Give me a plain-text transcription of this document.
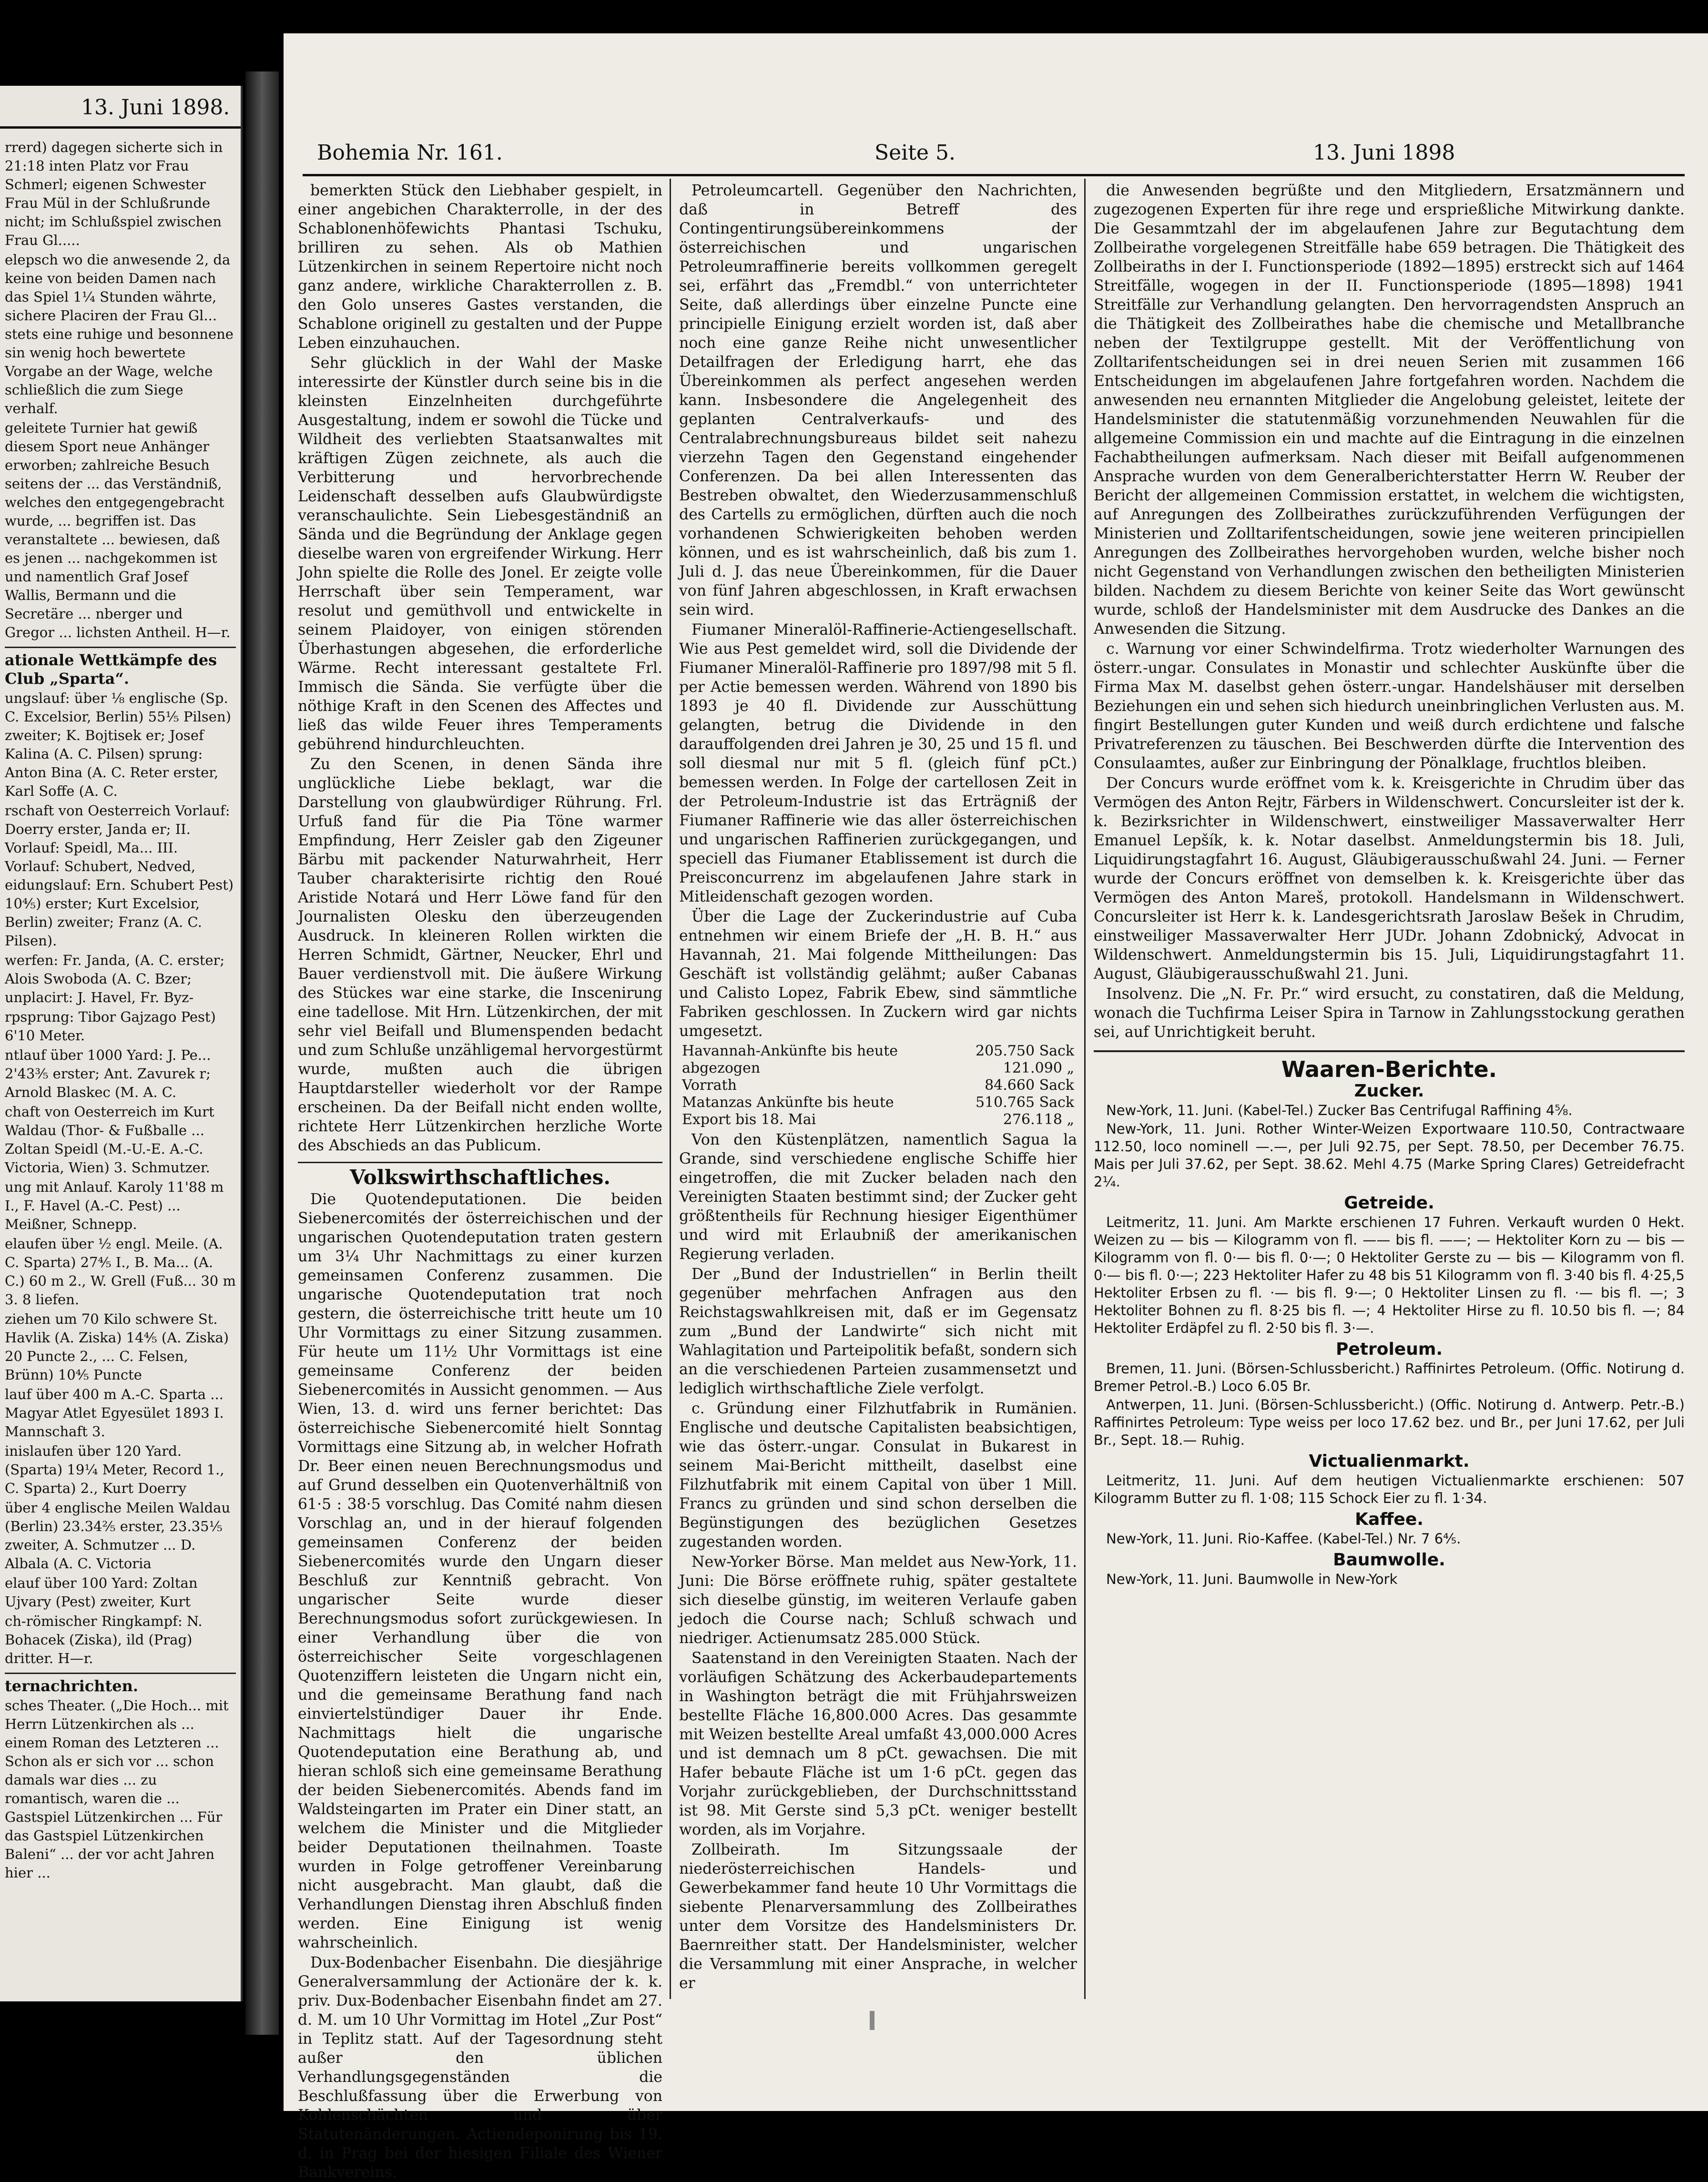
13. Juni 1898.

rrerd) dagegen sicherte sich in 21:18 inten Platz vor Frau Schmerl; eigenen Schwester Frau Mül in der Schlußrunde nicht; im Schlußspiel zwischen Frau Gl.....

elepsch wo die anwesende 2, da keine von beiden Damen nach das Spiel 1¼ Stunden währte, sichere Placiren der Frau Gl... stets eine ruhige und besonnene sin wenig hoch bewertete Vorgabe an der Wage, welche schließlich die zum Siege verhalf.

geleitete Turnier hat gewiß diesem Sport neue Anhänger erworben; zahlreiche Besuch seitens der ... das Verständniß, welches den entgegengebracht wurde, ... begriffen ist. Das veranstaltete ... bewiesen, daß es jenen ... nachgekommen ist und namentlich Graf Josef Wallis, Bermann und die Secretäre ... nberger und Gregor ... lichsten Antheil. H—r.

ationale Wettkämpfe des Club „Sparta“.

ungslauf: über ⅛ englische (Sp. C. Excelsior, Berlin) 55⅕ Pilsen) zweiter; K. Bojtisek er; Josef Kalina (A. C. Pilsen) sprung: Anton Bina (A. C. Reter erster, Karl Soffe (A. C.

rschaft von Oesterreich Vorlauf: Doerry erster, Janda er; II. Vorlauf: Speidl, Ma... III. Vorlauf: Schubert, Nedved, eidungslauf: Ern. Schubert Pest) 10⅘) erster; Kurt Excelsior, Berlin) zweiter; Franz (A. C. Pilsen).

werfen: Fr. Janda, (A. C. erster; Alois Swoboda (A. C. Bzer; unplacirt: J. Havel, Fr. Byz-

rpsprung: Tibor Gajzago Pest) 6'10 Meter.

ntlauf über 1000 Yard: J. Pe... 2'43⅗ erster; Ant. Zavurek r; Arnold Blaskec (M. A. C.

chaft von Oesterreich im Kurt Waldau (Thor- & Fußballe ... Zoltan Speidl (M.-U.-E. A.-C. Victoria, Wien) 3. Schmutzer.

ung mit Anlauf. Karoly 11'88 m I., F. Havel (A.-C. Pest) ... Meißner, Schnepp.

elaufen über ½ engl. Meile. (A. C. Sparta) 27⅘ I., B. Ma... (A. C.) 60 m 2., W. Grell (Fuß... 30 m 3. 8 liefen.

ziehen um 70 Kilo schwere St. Havlik (A. Ziska) 14⅘ (A. Ziska) 20 Puncte 2., ... C. Felsen, Brünn) 10⅘ Puncte

lauf über 400 m A.-C. Sparta ... Magyar Atlet Egyesület 1893 I. Mannschaft 3.

inislaufen über 120 Yard. (Sparta) 19¼ Meter, Record 1., C. Sparta) 2., Kurt Doerry

über 4 englische Meilen Waldau (Berlin) 23.34⅖ erster, 23.35⅕ zweiter, A. Schmutzer ... D. Albala (A. C. Victoria

elauf über 100 Yard: Zoltan Ujvary (Pest) zweiter, Kurt

ch-römischer Ringkampf: N. Bohacek (Ziska), ild (Prag) dritter. H—r.

ternachrichten.

sches Theater. („Die Hoch... mit Herrn Lützenkirchen als ... einem Roman des Letzteren ... Schon als er sich vor ... schon damals war dies ... zu romantisch, waren die ... Gastspiel Lützenkirchen ... Für das Gastspiel Lützenkirchen Baleni“ ... der vor acht Jahren hier ...

Bohemia Nr. 161.	Seite 5.	13. Juni 1898

bemerkten Stück den Liebhaber gespielt, in einer angebichen Charakterrolle, in der des Schablonenhöfewichts Phantasi Tschuku, brilliren zu sehen. Als ob Mathien Lützenkirchen in seinem Repertoire nicht noch ganz andere, wirkliche Charakterrollen z. B. den Golo unseres Gastes verstanden, die Schablone originell zu gestalten und der Puppe Leben einzuhauchen.

Sehr glücklich in der Wahl der Maske interessirte der Künstler durch seine bis in die kleinsten Einzelnheiten durchgeführte Ausgestaltung, indem er sowohl die Tücke und Wildheit des verliebten Staatsanwaltes mit kräftigen Zügen zeichnete, als auch die Verbitterung und hervorbrechende Leidenschaft desselben aufs Glaubwürdigste veranschaulichte. Sein Liebesgeständniß an Sända und die Begründung der Anklage gegen dieselbe waren von ergreifender Wirkung. Herr John spielte die Rolle des Jonel. Er zeigte volle Herrschaft über sein Temperament, war resolut und gemüthvoll und entwickelte in seinem Plaidoyer, von einigen störenden Überhastungen abgesehen, die erforderliche Wärme. Recht interessant gestaltete Frl. Immisch die Sända. Sie verfügte über die nöthige Kraft in den Scenen des Affectes und ließ das wilde Feuer ihres Temperaments gebührend hindurchleuchten.

Zu den Scenen, in denen Sända ihre unglückliche Liebe beklagt, war die Darstellung von glaubwürdiger Rührung. Frl. Urfuß fand für die Pia Töne warmer Empfindung, Herr Zeisler gab den Zigeuner Bärbu mit packender Naturwahrheit, Herr Tauber charakterisirte richtig den Roué Aristide Notará und Herr Löwe fand für den Journalisten Olesku den überzeugenden Ausdruck. In kleineren Rollen wirkten die Herren Schmidt, Gärtner, Neucker, Ehrl und Bauer verdienstvoll mit. Die äußere Wirkung des Stückes war eine starke, die Inscenirung eine tadellose. Mit Hrn. Lützenkirchen, der mit sehr viel Beifall und Blumenspenden bedacht und zum Schluße unzähligemal hervorgestürmt wurde, mußten auch die übrigen Hauptdarsteller wiederholt vor der Rampe erscheinen. Da der Beifall nicht enden wollte, richtete Herr Lützenkirchen herzliche Worte des Abschieds an das Publicum.

Volkswirthschaftliches.

Die Quotendeputationen. Die beiden Siebenercomités der österreichischen und der ungarischen Quotendeputation traten gestern um 3¼ Uhr Nachmittags zu einer kurzen gemeinsamen Conferenz zusammen. Die ungarische Quotendeputation trat noch gestern, die österreichische tritt heute um 10 Uhr Vormittags zu einer Sitzung zusammen. Für heute um 11½ Uhr Vormittags ist eine gemeinsame Conferenz der beiden Siebenercomités in Aussicht genommen. — Aus Wien, 13. d. wird uns ferner berichtet: Das österreichische Siebenercomité hielt Sonntag Vormittags eine Sitzung ab, in welcher Hofrath Dr. Beer einen neuen Berechnungsmodus und auf Grund desselben ein Quotenverhältniß von 61·5 : 38·5 vorschlug. Das Comité nahm diesen Vorschlag an, und in der hierauf folgenden gemeinsamen Conferenz der beiden Siebenercomités wurde den Ungarn dieser Beschluß zur Kenntniß gebracht. Von ungarischer Seite wurde dieser Berechnungsmodus sofort zurückgewiesen. In einer Verhandlung über die von österreichischer Seite vorgeschlagenen Quotenziffern leisteten die Ungarn nicht ein, und die gemeinsame Berathung fand nach einviertelstündiger Dauer ihr Ende. Nachmittags hielt die ungarische Quotendeputation eine Berathung ab, und hieran schloß sich eine gemeinsame Berathung der beiden Siebenercomités. Abends fand im Waldsteingarten im Prater ein Diner statt, an welchem die Minister und die Mitglieder beider Deputationen theilnahmen. Toaste wurden in Folge getroffener Vereinbarung nicht ausgebracht. Man glaubt, daß die Verhandlungen Dienstag ihren Abschluß finden werden. Eine Einigung ist wenig wahrscheinlich.

Dux-Bodenbacher Eisenbahn. Die diesjährige Generalversammlung der Actionäre der k. k. priv. Dux-Bodenbacher Eisenbahn findet am 27. d. M. um 10 Uhr Vormittag im Hotel „Zur Post“ in Teplitz statt. Auf der Tagesordnung steht außer den üblichen Verhandlungsgegenständen die Beschlußfassung über die Erwerbung von Kohlenschächten und über Statutenänderungen. Actiendeponirung bis 19. d. in Prag bei der hiesigen Filiale des Wiener Bankvereins.

Petroleumcartell. Gegenüber den Nachrichten, daß in Betreff des Contingentirungsübereinkommens der österreichischen und ungarischen Petroleumraffinerie bereits vollkommen geregelt sei, erfährt das „Fremdbl.“ von unterrichteter Seite, daß allerdings über einzelne Puncte eine principielle Einigung erzielt worden ist, daß aber noch eine ganze Reihe nicht unwesentlicher Detailfragen der Erledigung harrt, ehe das Übereinkommen als perfect angesehen werden kann. Insbesondere die Angelegenheit des geplanten Centralverkaufs- und des Centralabrechnungsbureaus bildet seit nahezu vierzehn Tagen den Gegenstand eingehender Conferenzen. Da bei allen Interessenten das Bestreben obwaltet, den Wiederzusammenschluß des Cartells zu ermöglichen, dürften auch die noch vorhandenen Schwierigkeiten behoben werden können, und es ist wahrscheinlich, daß bis zum 1. Juli d. J. das neue Übereinkommen, für die Dauer von fünf Jahren abgeschlossen, in Kraft erwachsen sein wird.

Fiumaner Mineralöl-Raffinerie-Actiengesellschaft. Wie aus Pest gemeldet wird, soll die Dividende der Fiumaner Mineralöl-Raffinerie pro 1897/98 mit 5 fl. per Actie bemessen werden. Während von 1890 bis 1893 je 40 fl. Dividende zur Ausschüttung gelangten, betrug die Dividende in den darauffolgenden drei Jahren je 30, 25 und 15 fl. und soll diesmal nur mit 5 fl. (gleich fünf pCt.) bemessen werden. In Folge der cartellosen Zeit in der Petroleum-Industrie ist das Erträgniß der Fiumaner Raffinerie wie das aller österreichischen und ungarischen Raffinerien zurückgegangen, und speciell das Fiumaner Etablissement ist durch die Preisconcurrenz im abgelaufenen Jahre stark in Mitleidenschaft gezogen worden.

Über die Lage der Zuckerindustrie auf Cuba entnehmen wir einem Briefe der „H. B. H.“ aus Havannah, 21. Mai folgende Mittheilungen: Das Geschäft ist vollständig gelähmt; außer Cabanas und Calisto Lopez, Fabrik Ebew, sind sämmtliche Fabriken geschlossen. In Zuckern wird gar nichts umgesetzt.

Havannah-Ankünfte bis heute	205.750 Sack
abgezogen	121.090 „
Vorrath	84.660 Sack
Matanzas Ankünfte bis heute	510.765 Sack
Export bis 18. Mai	276.118 „

Von den Küstenplätzen, namentlich Sagua la Grande, sind verschiedene englische Schiffe hier eingetroffen, die mit Zucker beladen nach den Vereinigten Staaten bestimmt sind; der Zucker geht größtentheils für Rechnung hiesiger Eigenthümer und wird mit Erlaubniß der amerikanischen Regierung verladen.

Der „Bund der Industriellen“ in Berlin theilt gegenüber mehrfachen Anfragen aus den Reichstagswahlkreisen mit, daß er im Gegensatz zum „Bund der Landwirte“ sich nicht mit Wahlagitation und Parteipolitik befaßt, sondern sich an die verschiedenen Parteien zusammensetzt und lediglich wirthschaftliche Ziele verfolgt.

c. Gründung einer Filzhutfabrik in Rumänien. Englische und deutsche Capitalisten beabsichtigen, wie das österr.-ungar. Consulat in Bukarest in seinem Mai-Bericht mittheilt, daselbst eine Filzhutfabrik mit einem Capital von über 1 Mill. Francs zu gründen und sind schon derselben die Begünstigungen des bezüglichen Gesetzes zugestanden worden.

New-Yorker Börse. Man meldet aus New-York, 11. Juni: Die Börse eröffnete ruhig, später gestaltete sich dieselbe günstig, im weiteren Verlaufe gaben jedoch die Course nach; Schluß schwach und niedriger. Actienumsatz 285.000 Stück.

Saatenstand in den Vereinigten Staaten. Nach der vorläufigen Schätzung des Ackerbaudepartements in Washington beträgt die mit Frühjahrsweizen bestellte Fläche 16,800.000 Acres. Das gesammte mit Weizen bestellte Areal umfaßt 43,000.000 Acres und ist demnach um 8 pCt. gewachsen. Die mit Hafer bebaute Fläche ist um 1·6 pCt. gegen das Vorjahr zurückgeblieben, der Durchschnittsstand ist 98. Mit Gerste sind 5,3 pCt. weniger bestellt worden, als im Vorjahre.

Zollbeirath. Im Sitzungssaale der niederösterreichischen Handels- und Gewerbekammer fand heute 10 Uhr Vormittags die siebente Plenarversammlung des Zollbeirathes unter dem Vorsitze des Handelsministers Dr. Baernreither statt. Der Handelsminister, welcher die Versammlung mit einer Ansprache, in welcher er

die Anwesenden begrüßte und den Mitgliedern, Ersatzmännern und zugezogenen Experten für ihre rege und ersprießliche Mitwirkung dankte. Die Gesammtzahl der im abgelaufenen Jahre zur Begutachtung dem Zollbeirathe vorgelegenen Streitfälle habe 659 betragen. Die Thätigkeit des Zollbeiraths in der I. Functionsperiode (1892—1895) erstreckt sich auf 1464 Streitfälle, wogegen in der II. Functionsperiode (1895—1898) 1941 Streitfälle zur Verhandlung gelangten. Den hervorragendsten Anspruch an die Thätigkeit des Zollbeirathes habe die chemische und Metallbranche neben der Textilgruppe gestellt. Mit der Veröffentlichung von Zolltarifentscheidungen sei in drei neuen Serien mit zusammen 166 Entscheidungen im abgelaufenen Jahre fortgefahren worden. Nachdem die anwesenden neu ernannten Mitglieder die Angelobung geleistet, leitete der Handelsminister die statutenmäßig vorzunehmenden Neuwahlen für die allgemeine Commission ein und machte auf die Eintragung in die einzelnen Fachabtheilungen aufmerksam. Nach dieser mit Beifall aufgenommenen Ansprache wurden von dem Generalberichterstatter Herrn W. Reuber der Bericht der allgemeinen Commission erstattet, in welchem die wichtigsten, auf Anregungen des Zollbeirathes zurückzuführenden Verfügungen der Ministerien und Zolltarifentscheidungen, sowie jene weiteren principiellen Anregungen des Zollbeirathes hervorgehoben wurden, welche bisher noch nicht Gegenstand von Verhandlungen zwischen den betheiligten Ministerien bilden. Nachdem zu diesem Berichte von keiner Seite das Wort gewünscht wurde, schloß der Handelsminister mit dem Ausdrucke des Dankes an die Anwesenden die Sitzung.

c. Warnung vor einer Schwindelfirma. Trotz wiederholter Warnungen des österr.-ungar. Consulates in Monastir und schlechter Auskünfte über die Firma Max M. daselbst gehen österr.-ungar. Handelshäuser mit derselben Beziehungen ein und sehen sich hiedurch uneinbringlichen Verlusten aus. M. fingirt Bestellungen guter Kunden und weiß durch erdichtene und falsche Privatreferenzen zu täuschen. Bei Beschwerden dürfte die Intervention des Consulaamtes, außer zur Einbringung der Pönalklage, fruchtlos bleiben.

Der Concurs wurde eröffnet vom k. k. Kreisgerichte in Chrudim über das Vermögen des Anton Rejtr, Färbers in Wildenschwert. Concursleiter ist der k. k. Bezirksrichter in Wildenschwert, einstweiliger Massaverwalter Herr Emanuel Lepšík, k. k. Notar daselbst. Anmeldungstermin bis 18. Juli, Liquidirungstagfahrt 16. August, Gläubigerausschußwahl 24. Juni. — Ferner wurde der Concurs eröffnet von demselben k. k. Kreisgerichte über das Vermögen des Anton Mareš, protokoll. Handelsmann in Wildenschwert. Concursleiter ist Herr k. k. Landesgerichtsrath Jaroslaw Bešek in Chrudim, einstweiliger Massaverwalter Herr JUDr. Johann Zdobnický, Advocat in Wildenschwert. Anmeldungstermin bis 15. Juli, Liquidirungstagfahrt 11. August, Gläubigerausschußwahl 21. Juni.

Insolvenz. Die „N. Fr. Pr.“ wird ersucht, zu constatiren, daß die Meldung, wonach die Tuchfirma Leiser Spira in Tarnow in Zahlungsstockung gerathen sei, auf Unrichtigkeit beruht.

Waaren-Berichte.
Zucker.

New-York, 11. Juni. (Kabel-Tel.) Zucker Bas Centrifugal Raffining 4⅝.

New-York, 11. Juni. Rother Winter-Weizen Exportwaare 110.50, Contractwaare 112.50, loco nominell —.—, per Juli 92.75, per Sept. 78.50, per December 76.75. Mais per Juli 37.62, per Sept. 38.62. Mehl 4.75 (Marke Spring Clares) Getreidefracht 2¼.

Getreide.

Leitmeritz, 11. Juni. Am Markte erschienen 17 Fuhren. Verkauft wurden 0 Hekt. Weizen zu — bis — Kilogramm von fl. —— bis fl. ——; — Hektoliter Korn zu — bis — Kilogramm von fl. 0·— bis fl. 0·—; 0 Hektoliter Gerste zu — bis — Kilogramm von fl. 0·— bis fl. 0·—; 223 Hektoliter Hafer zu 48 bis 51 Kilogramm von fl. 3·40 bis fl. 4·25,5 Hektoliter Erbsen zu fl. ·— bis fl. 9·—; 0 Hektoliter Linsen zu fl. ·— bis fl. —; 3 Hektoliter Bohnen zu fl. 8·25 bis fl. —; 4 Hektoliter Hirse zu fl. 10.50 bis fl. —; 84 Hektoliter Erdäpfel zu fl. 2·50 bis fl. 3·—.

Petroleum.

Bremen, 11. Juni. (Börsen-Schlussbericht.) Raffinirtes Petroleum. (Offic. Notirung d. Bremer Petrol.-B.) Loco 6.05 Br.

Antwerpen, 11. Juni. (Börsen-Schlussbericht.) (Offic. Notirung d. Antwerp. Petr.-B.) Raffinirtes Petroleum: Type weiss per loco 17.62 bez. und Br., per Juni 17.62, per Juli Br., Sept. 18.— Ruhig.

Victualienmarkt.

Leitmeritz, 11. Juni. Auf dem heutigen Victualienmarkte erschienen: 507 Kilogramm Butter zu fl. 1·08; 115 Schock Eier zu fl. 1·34.

Kaffee.

New-York, 11. Juni. Rio-Kaffee. (Kabel-Tel.) Nr. 7 6⅘.

Baumwolle.

New-York, 11. Juni. Baumwolle in New-York
